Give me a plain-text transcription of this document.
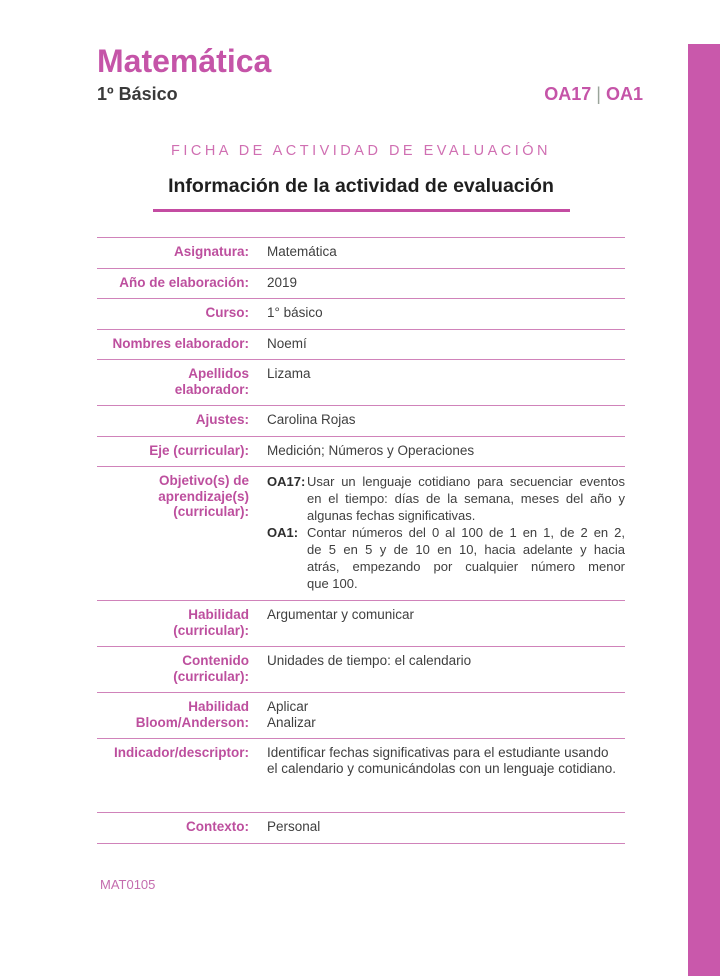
Matemática
1º Básico	OA17 | OA1
FICHA DE ACTIVIDAD DE EVALUACIÓN
Información de la actividad de evaluación
Asignatura: Matemática
Año de elaboración: 2019
Curso: 1° básico
Nombres elaborador: Noemí
Apellidos
elaborador:
Lizama
Ajustes: Carolina Rojas
Eje (curricular): Medición; Números y Operaciones
Objetivo(s) de
aprendizaje(s)
(curricular):
OA17: Usar un lenguaje cotidiano para secuenciar eventos
en el tiempo: días de la semana, meses del año y
algunas fechas significativas.
OA1: Contar números del 0 al 100 de 1 en 1, de 2 en 2,
de 5 en 5 y de 10 en 10, hacia adelante y hacia
atrás, empezando por cualquier número menor
que 100.
Habilidad
(curricular):
Argumentar y comunicar
Contenido
(curricular):
Unidades de tiempo: el calendario
Habilidad
Bloom/Anderson:
Aplicar
Analizar
Indicador/descriptor: Identificar fechas significativas para el estudiante usando
el calendario y comunicándolas con un lenguaje cotidiano.
Contexto: Personal
MAT0105
